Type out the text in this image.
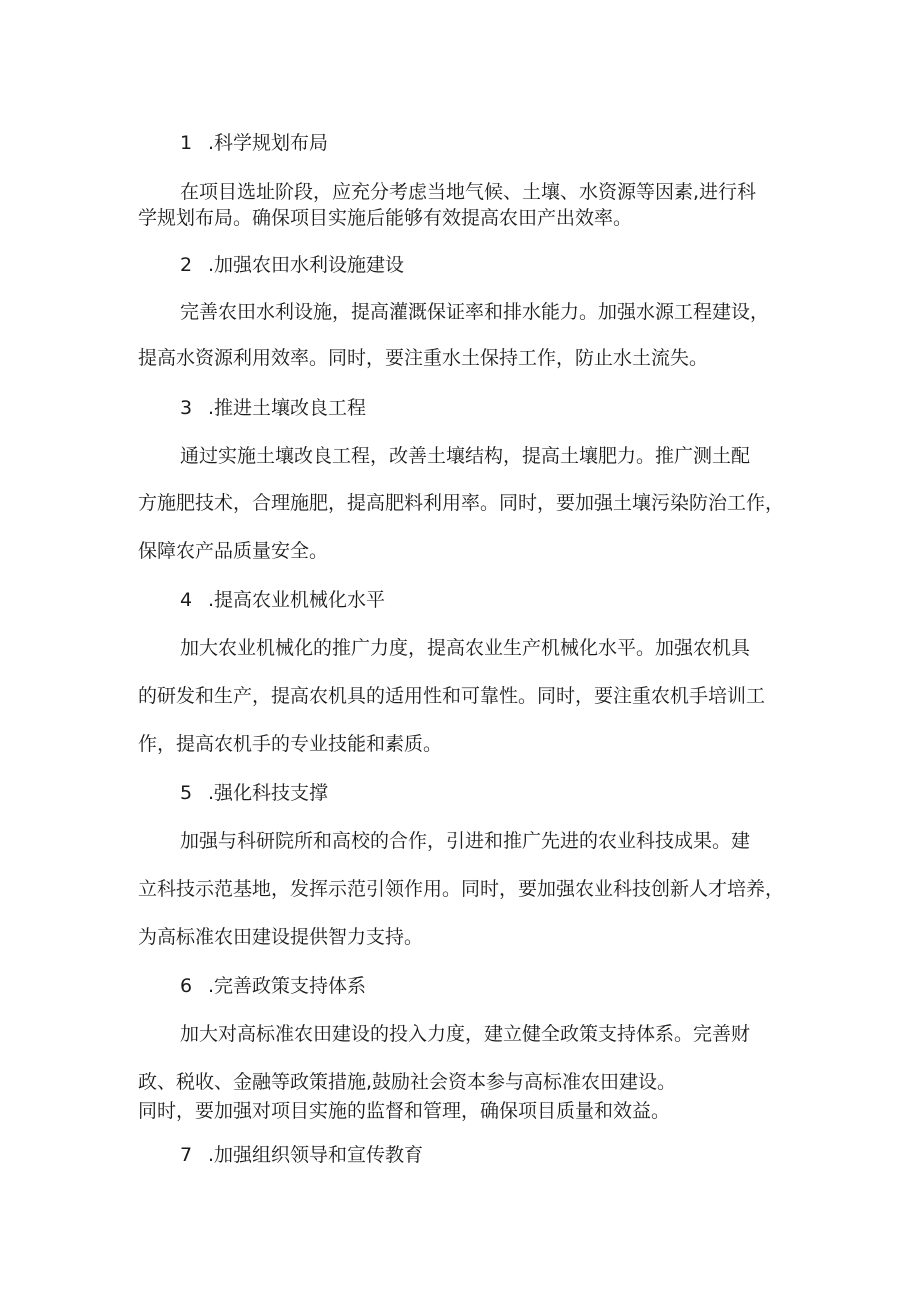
1 .科学规划布局

在项目选址阶段，应充分考虑当地气候、土壤、水资源等因素,进行科

学规划布局。确保项目实施后能够有效提高农田产出效率。

2 .加强农田水利设施建设

完善农田水利设施，提高灌溉保证率和排水能力。加强水源工程建设，

提高水资源利用效率。同时，要注重水土保持工作，防止水土流失。

3 .推进土壤改良工程

通过实施土壤改良工程，改善土壤结构，提高土壤肥力。推广测土配

方施肥技术，合理施肥，提高肥料利用率。同时，要加强土壤污染防治工作，

保障农产品质量安全。

4 .提高农业机械化水平

加大农业机械化的推广力度，提高农业生产机械化水平。加强农机具

的研发和生产，提高农机具的适用性和可靠性。同时，要注重农机手培训工

作，提高农机手的专业技能和素质。

5 .强化科技支撑

加强与科研院所和高校的合作，引进和推广先进的农业科技成果。建

立科技示范基地，发挥示范引领作用。同时，要加强农业科技创新人才培养，

为高标准农田建设提供智力支持。

6 .完善政策支持体系

加大对高标准农田建设的投入力度，建立健全政策支持体系。完善财

政、税收、金融等政策措施,鼓励社会资本参与高标准农田建设。

同时，要加强对项目实施的监督和管理，确保项目质量和效益。

7 .加强组织领导和宣传教育
